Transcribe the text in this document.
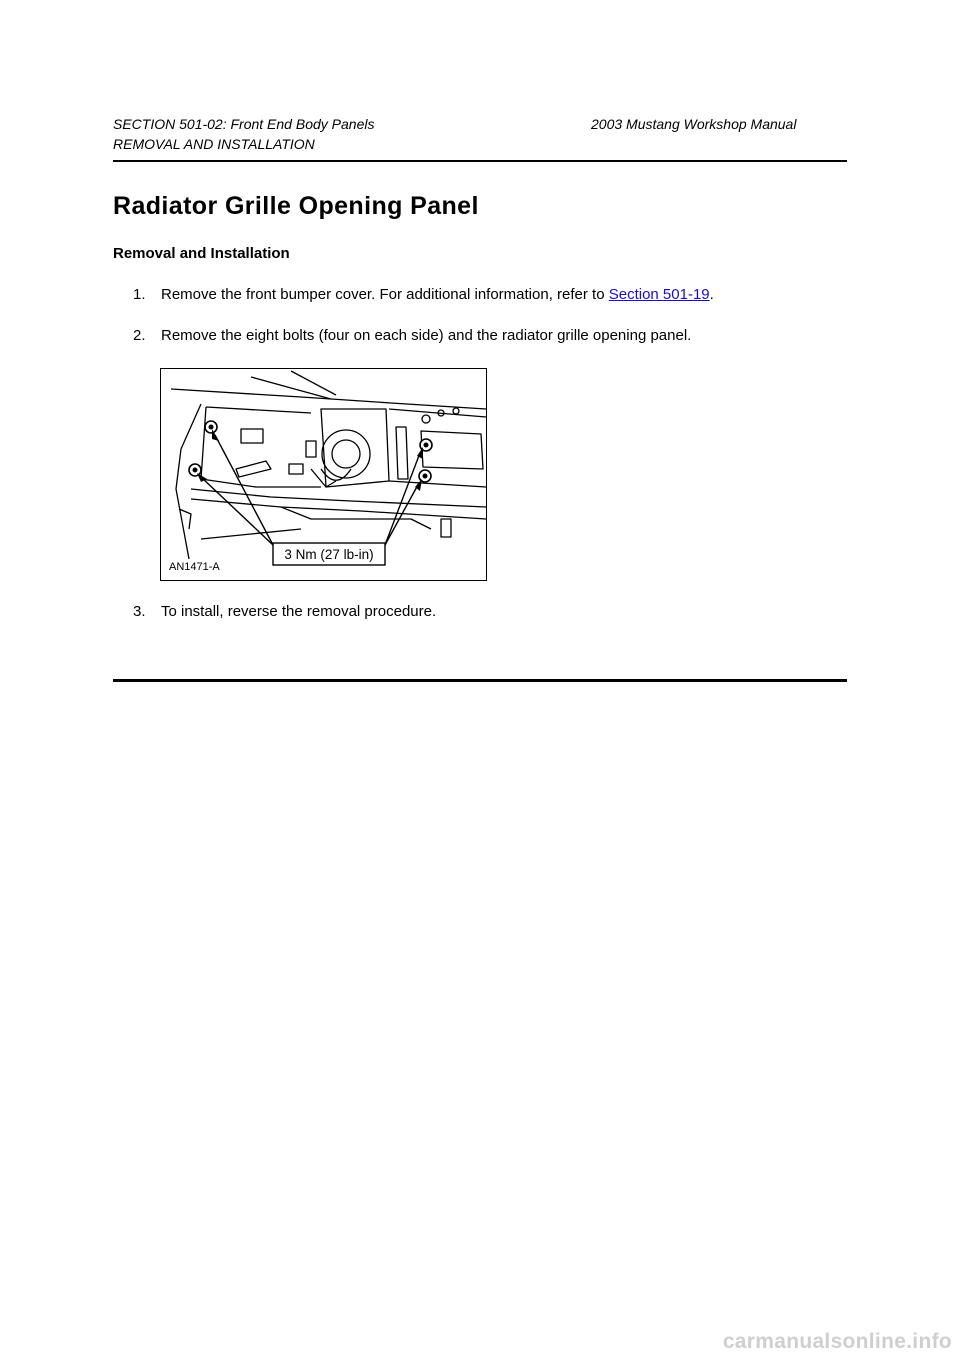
SECTION 501-02: Front End Body Panels	2003 Mustang Workshop Manual
REMOVAL AND INSTALLATION
Radiator Grille Opening Panel
Removal and Installation
1. Remove the front bumper cover. For additional information, refer to Section 501-19.
2. Remove the eight bolts (four on each side) and the radiator grille opening panel.
3 Nm (27 lb-in)
AN1471-A
3. To install, reverse the removal procedure.
carmanualsonline.info
